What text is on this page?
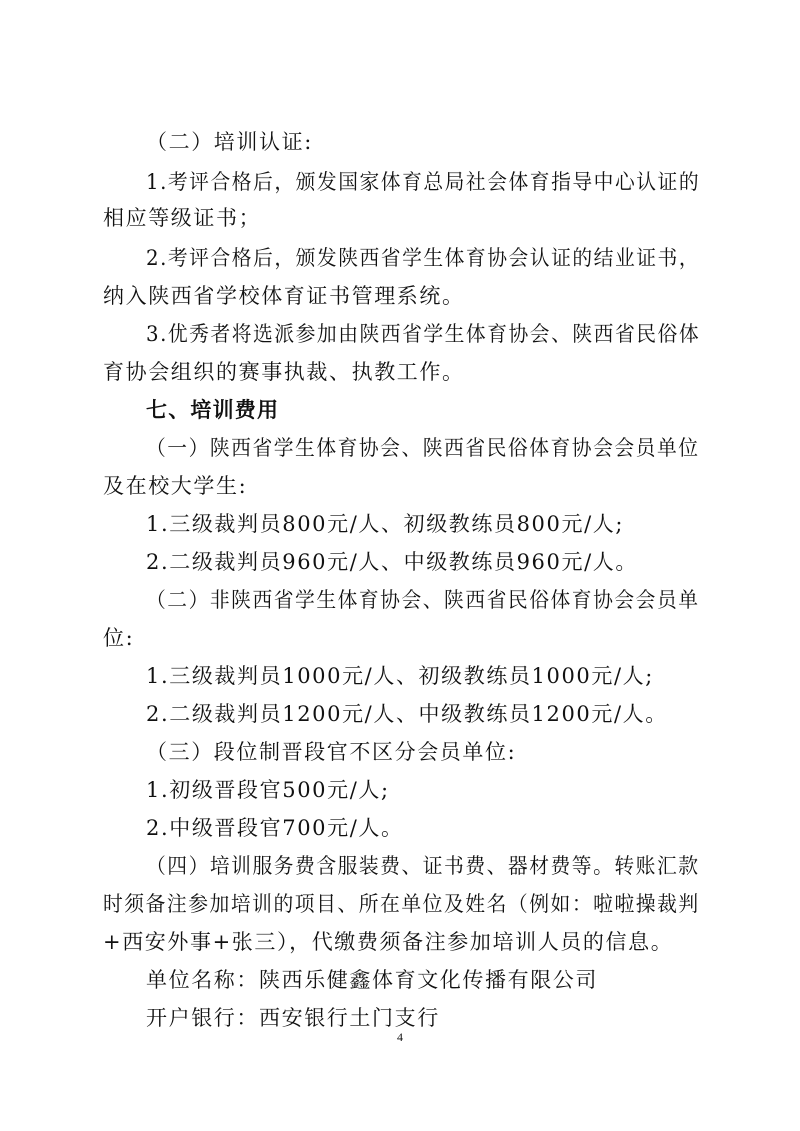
（二）培训认证:
1.考评合格后，颁发国家体育总局社会体育指导中心认证的
相应等级证书；
2.考评合格后，颁发陕西省学生体育协会认证的结业证书，
纳入陕西省学校体育证书管理系统。
3.优秀者将选派参加由陕西省学生体育协会、陕西省民俗体
育协会组织的赛事执裁、执教工作。
七、培训费用
（一）陕西省学生体育协会、陕西省民俗体育协会会员单位
及在校大学生:
1.三级裁判员800元/人、初级教练员800元/人;
2.二级裁判员960元/人、中级教练员960元/人。
（二）非陕西省学生体育协会、陕西省民俗体育协会会员单
位:
1.三级裁判员1000元/人、初级教练员1000元/人;
2.二级裁判员1200元/人、中级教练员1200元/人。
（三）段位制晋段官不区分会员单位:
1.初级晋段官500元/人;
2.中级晋段官700元/人。
（四）培训服务费含服装费、证书费、器材费等。转账汇款
时须备注参加培训的项目、所在单位及姓名（例如：啦啦操裁判
+西安外事+张三），代缴费须备注参加培训人员的信息。
单位名称：陕西乐健鑫体育文化传播有限公司
开户银行：西安银行土门支行
4
